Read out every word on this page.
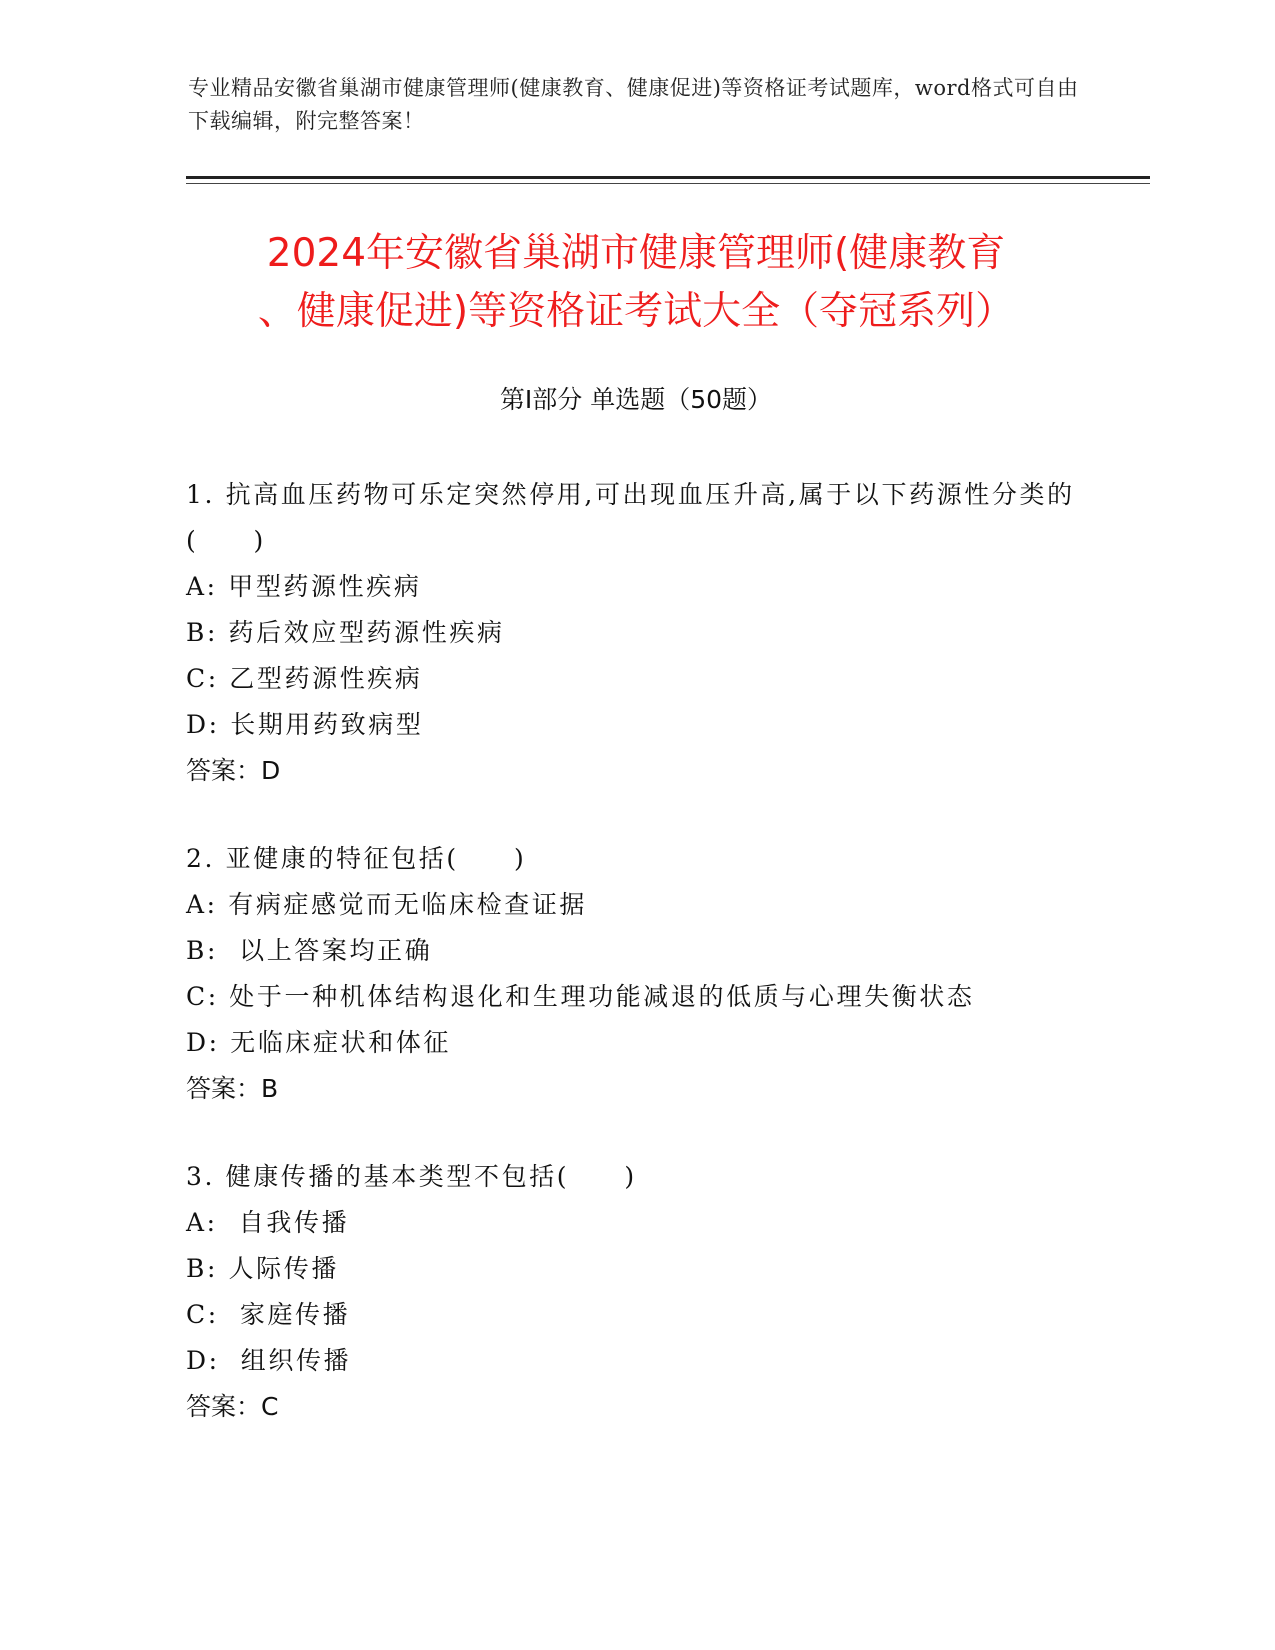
专业精品安徽省巢湖市健康管理师(健康教育、健康促进)等资格证考试题库，word格式可自由下载编辑，附完整答案！
2024年安徽省巢湖市健康管理师(健康教育
、健康促进)等资格证考试大全（夺冠系列）
第Ⅰ部分 单选题（50题）
1. 抗高血压药物可乐定突然停用,可出现血压升高,属于以下药源性分类的(　　)
A: 甲型药源性疾病
B: 药后效应型药源性疾病
C: 乙型药源性疾病
D: 长期用药致病型
答案：D
2. 亚健康的特征包括(　　)
A: 有病症感觉而无临床检查证据
B:  以上答案均正确
C: 处于一种机体结构退化和生理功能减退的低质与心理失衡状态
D: 无临床症状和体征
答案：B
3. 健康传播的基本类型不包括(　　)
A:  自我传播
B: 人际传播
C:  家庭传播
D:  组织传播
答案：C
